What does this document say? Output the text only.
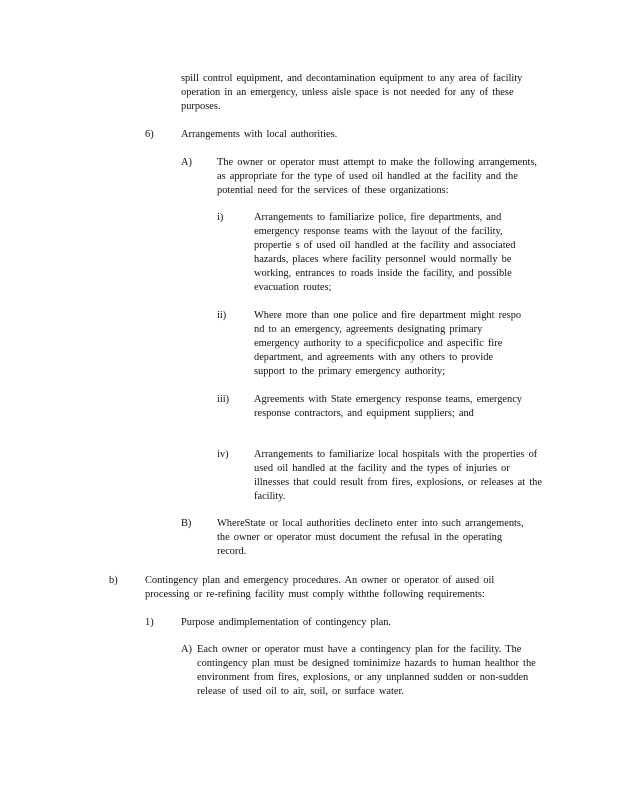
spill control equipment, and decontamination equipment to any area of facility operation in an emergency, unless aisle space is not needed for any of these purposes.
6)	Arrangements with local authorities.
A) The owner or operator must attempt to make the following arrangements, as appropriate for the type of used oil handled at the facility and the potential need for the services of these organizations:
i)	Arrangements to familiarize police, fire departments, and emergency response teams with the layout of the facility, propertie s of used oil handled at the facility and associated hazards, places where facility personnel would normally be working, entrances to roads inside the facility, and possible evacuation routes;
ii)	Where more than one police and fire department might respo nd to an emergency, agreements designating primary emergency authority to a specificpolice and aspecific fire department, and agreements with any others to provide support to the primary emergency authority;
iii) Agreements with State emergency response teams, emergency response contractors, and equipment suppliers; and
iv) Arrangements to familiarize local hospitals with the properties of used oil handled at the facility and the types of injuries or illnesses that could result from fires, explosions, or releases at the facility.
B) WhereState or local authorities declineto enter into such arrangements, the owner or operator must document the refusal in the operating record.
b)	Contingency plan and emergency procedures. An owner or operator of aused oil processing or re-refining facility must comply withthe following requirements:
1)	Purpose andimplementation of contingency plan.
A) Each owner or operator must have a contingency plan for the facility. The contingency plan must be designed tominimize hazards to human healthor the environment from fires, explosions, or any unplanned sudden or non-sudden release of used oil to air, soil, or surface water.
